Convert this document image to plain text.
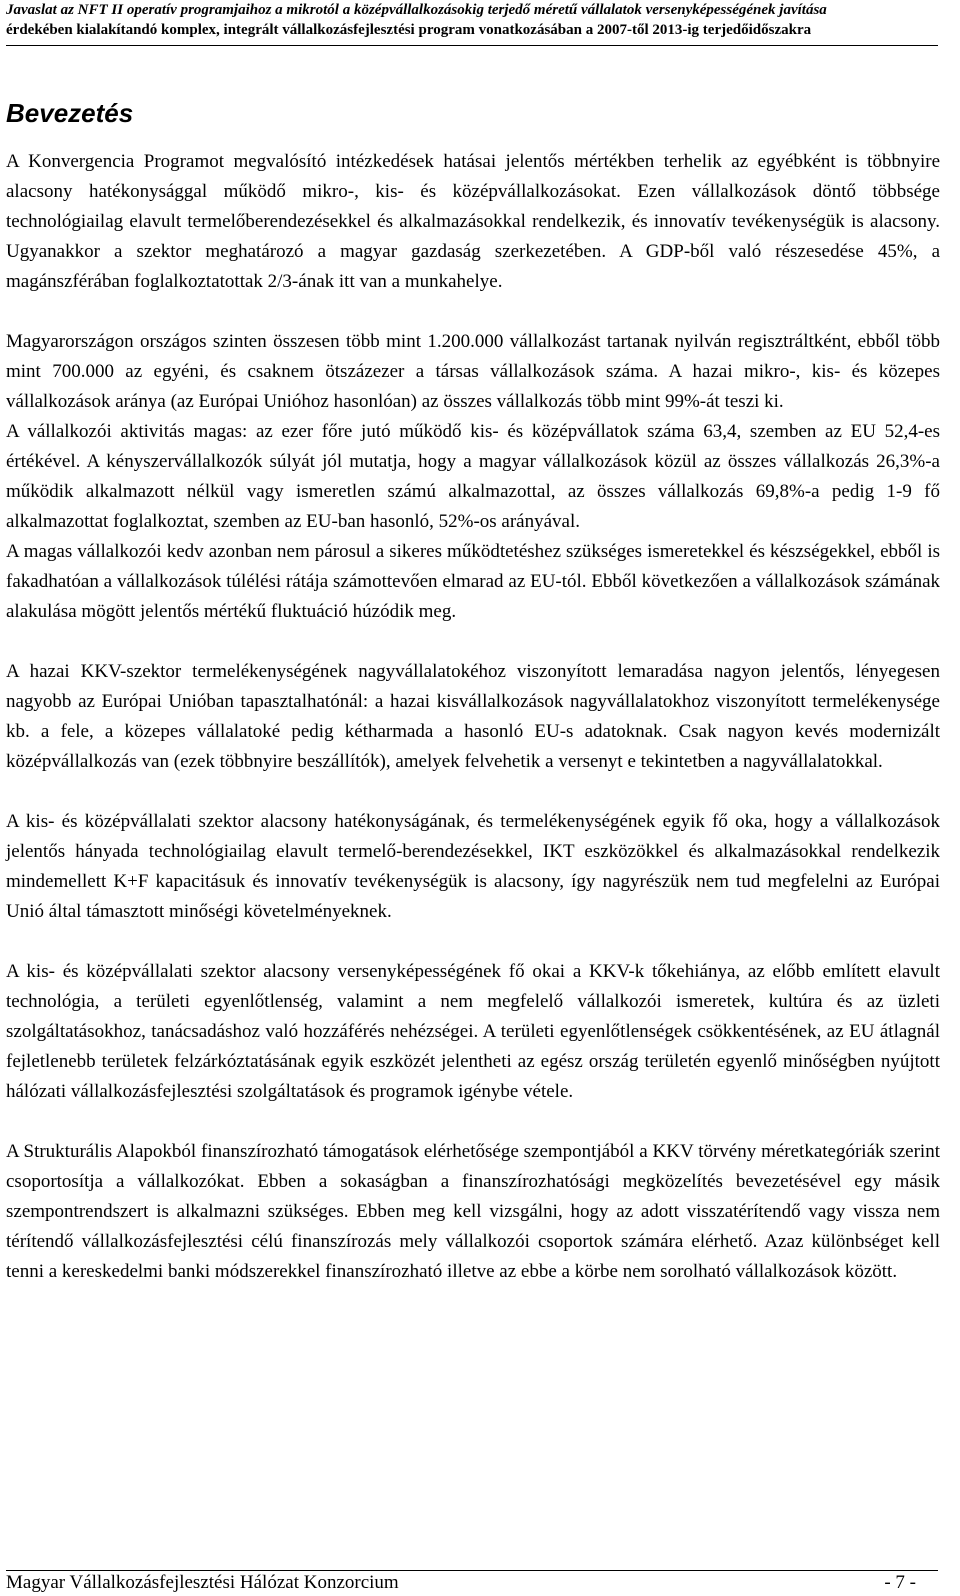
Javaslat az NFT II operatív programjaihoz a mikrotól a középvállalkozásokig terjedő méretű vállalatok versenyképességének javítása
érdekében kialakítandó komplex, integrált vállalkozásfejlesztési program vonatkozásában a 2007-től 2013-ig terjedőidőszakra
Bevezetés

A Konvergencia Programot megvalósító intézkedések hatásai jelentős mértékben terhelik az egyébként is többnyire alacsony hatékonysággal működő mikro-, kis- és középvállalkozásokat. Ezen vállalkozások döntő többsége technológiailag elavult termelőberendezésekkel és alkalmazásokkal rendelkezik, és innovatív tevékenységük is alacsony. Ugyanakkor a szektor meghatározó a magyar gazdaság szerkezetében. A GDP-ből való részesedése 45%, a magánszférában foglalkoztatottak 2/3-ának itt van a munkahelye.

Magyarországon országos szinten összesen több mint 1.200.000 vállalkozást tartanak nyilván regisztráltként, ebből több mint 700.000 az egyéni, és csaknem ötszázezer a társas vállalkozások száma. A hazai mikro-, kis- és közepes vállalkozások aránya (az Európai Unióhoz hasonlóan) az összes vállalkozás több mint 99%-át teszi ki.

A vállalkozói aktivitás magas: az ezer főre jutó működő kis- és középvállatok száma 63,4, szemben az EU 52,4-es értékével. A kényszervállalkozók súlyát jól mutatja, hogy a magyar vállalkozások közül az összes vállalkozás 26,3%-a működik alkalmazott nélkül vagy ismeretlen számú alkalmazottal, az összes vállalkozás 69,8%-a pedig 1-9 fő alkalmazottat foglalkoztat, szemben az EU-ban hasonló, 52%-os arányával.

A magas vállalkozói kedv azonban nem párosul a sikeres működtetéshez szükséges ismeretekkel és készségekkel, ebből is fakadhatóan a vállalkozások túlélési rátája számottevően elmarad az EU-tól. Ebből következően a vállalkozások számának alakulása mögött jelentős mértékű fluktuáció húzódik meg.

A hazai KKV-szektor termelékenységének nagyvállalatokéhoz viszonyított lemaradása nagyon jelentős, lényegesen nagyobb az Európai Unióban tapasztalhatónál: a hazai kisvállalkozások nagyvállalatokhoz viszonyított termelékenysége kb. a fele, a közepes vállalatoké pedig kétharmada a hasonló EU-s adatoknak. Csak nagyon kevés modernizált középvállalkozás van (ezek többnyire beszállítók), amelyek felvehetik a versenyt e tekintetben a nagyvállalatokkal.

A kis- és középvállalati szektor alacsony hatékonyságának, és termelékenységének egyik fő oka, hogy a vállalkozások jelentős hányada technológiailag elavult termelő-berendezésekkel, IKT eszközökkel és alkalmazásokkal rendelkezik mindemellett K+F kapacitásuk és innovatív tevékenységük is alacsony, így nagyrészük nem tud megfelelni az Európai Unió által támasztott minőségi követelményeknek.

A kis- és középvállalati szektor alacsony versenyképességének fő okai a KKV-k tőkehiánya, az előbb említett elavult technológia, a területi egyenlőtlenség, valamint a nem megfelelő vállalkozói ismeretek, kultúra és az üzleti szolgáltatásokhoz, tanácsadáshoz való hozzáférés nehézségei. A területi egyenlőtlenségek csökkentésének, az EU átlagnál fejletlenebb területek felzárkóztatásának egyik eszközét jelentheti az egész ország területén egyenlő minőségben nyújtott hálózati vállalkozásfejlesztési szolgáltatások és programok igénybe vétele.

A Strukturális Alapokból finanszírozható támogatások elérhetősége szempontjából a KKV törvény méretkategóriák szerint csoportosítja a vállalkozókat. Ebben a sokaságban a finanszírozhatósági megközelítés bevezetésével egy másik szempontrendszert is alkalmazni szükséges. Ebben meg kell vizsgálni, hogy az adott visszatérítendő vagy vissza nem térítendő vállalkozásfejlesztési célú finanszírozás mely vállalkozói csoportok számára elérhető. Azaz különbséget kell tenni a kereskedelmi banki módszerekkel finanszírozható illetve az ebbe a körbe nem sorolható vállalkozások között.

Magyar Vállalkozásfejlesztési Hálózat Konzorcium	- 7 -
